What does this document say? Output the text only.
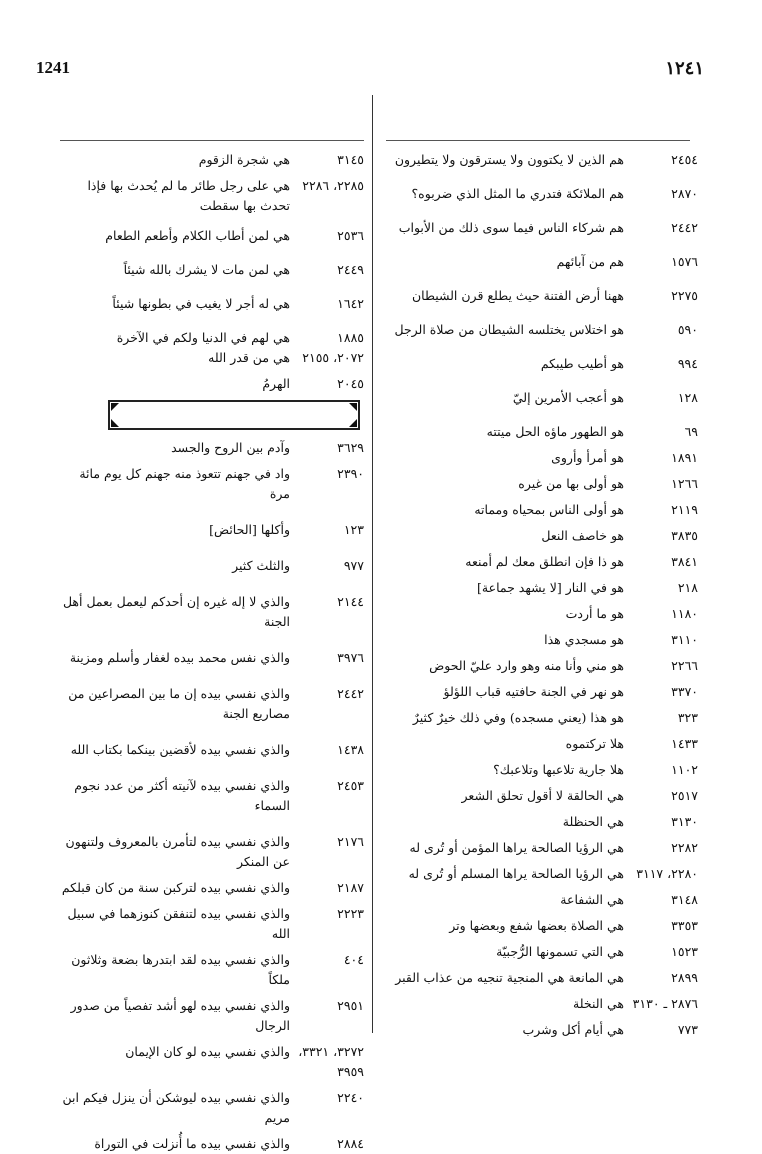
1241	١٢٤١
٢٤٥٤
هم الذين لا يكتوون ولا يسترقون ولا يتطيرون
٢٨٧٠
هم الملائكة فتدري ما المثل الذي ضربوه؟
٢٤٤٢
هم شركاء الناس فيما سوى ذلك من الأبواب
١٥٧٦
هم من آبائهم
٢٢٧٥
ههنا أرض الفتنة حيث يطلع قرن الشيطان
٥٩٠
هو اختلاس يختلسه الشيطان من صلاة الرجل
٩٩٤
هو أطيب طيبكم
١٢٨
هو أعجب الأمرين إليّ
٦٩
هو الطهور ماؤه الحل ميتته
١٨٩١
هو أمرأ وأروى
١٢٦٦
هو أولى بها من غيره
٢١١٩
هو أولى الناس بمحياه ومماته
٣٨٣٥
هو خاصف النعل
٣٨٤١
هو ذا فإن انطلق معك لم أمنعه
٢١٨
هو في النار [لا يشهد جماعة]
١١٨٠
هو ما أردت
٣١١٠
هو مسجدي هذا
٢٢٦٦
هو مني وأنا منه وهو وارد عليّ الحوض
٣٣٧٠
هو نهر في الجنة حافتيه قباب اللؤلؤ
٣٢٣
هو هذا (يعني مسجده) وفي ذلك خيرٌ كثيرٌ
١٤٣٣
هلا تركتموه
١١٠٢
هلا جارية تلاعبها وتلاعبك؟
٢٥١٧
هي الحالقة لا أقول تحلق الشعر
٣١٣٠
هي الحنظلة
٢٢٨٢
هي الرؤيا الصالحة يراها المؤمن أو تُرى له
٢٢٨٠، ٣١١٧
هي الرؤيا الصالحة يراها المسلم أو تُرى له
٣١٤٨
هي الشفاعة
٣٣٥٣
هي الصلاة بعضها شفع وبعضها وتر
١٥٢٣
هي التي تسمونها الرُّجبيّة
٢٨٩٩
هي المانعة هي المنجية تنجيه من عذاب القبر
٢٨٧٦ ـ ٣١٣٠
هي النخلة
٧٧٣
هي أيام أكل وشرب
٣١٤٥
هي شجرة الزقوم
٢٢٨٥، ٢٢٨٦
هي على رجل طائر ما لم يُحدث بها فإذا تحدث بها سقطت
٢٥٣٦
هي لمن أطاب الكلام وأطعم الطعام
٢٤٤٩
هي لمن مات لا يشرك بالله شيئاً
١٦٤٢
هي له أجر لا يغيب في بطونها شيئاً
١٨٨٥
هي لهم في الدنيا ولكم في الآخرة
٢٠٧٢، ٢١٥٥
هي من قدر الله
٢٠٤٥
الهرمُ
٣٦٢٩
وآدم بين الروح والجسد
٢٣٩٠
واد في جهنم تتعوذ منه جهنم كل يوم مائة مرة
١٢٣
وأكلها [الحائض]
٩٧٧
والثلث كثير
٢١٤٤
والذي لا إله غيره إن أحدكم ليعمل بعمل أهل الجنة
٣٩٧٦
والذي نفس محمد بيده لغفار وأسلم ومزينة
٢٤٤٢
والذي نفسي بيده إن ما بين المصراعين من مصاريع الجنة
١٤٣٨
والذي نفسي بيده لأقضين بينكما بكتاب الله
٢٤٥٣
والذي نفسي بيده لآنيته أكثر من عدد نجوم السماء
٢١٧٦
والذي نفسي بيده لتأمرن بالمعروف ولتنهون عن المنكر
٢١٨٧
والذي نفسي بيده لتركبن سنة من كان قبلكم
٢٢٢٣
والذي نفسي بيده لتنفقن كنوزهما في سبيل الله
٤٠٤
والذي نفسي بيده لقد ابتدرها بضعة وثلاثون ملكاً
٢٩٥١
والذي نفسي بيده لهو أشد تفصياً من صدور الرجال
٣٢٧٢، ٣٣٢١، ٣٩٥٩
والذي نفسي بيده لو كان الإيمان
٢٢٤٠
والذي نفسي بيده ليوشكن أن ينزل فيكم ابن مريم
٢٨٨٤
والذي نفسي بيده ما أُنزلت في التوراة
